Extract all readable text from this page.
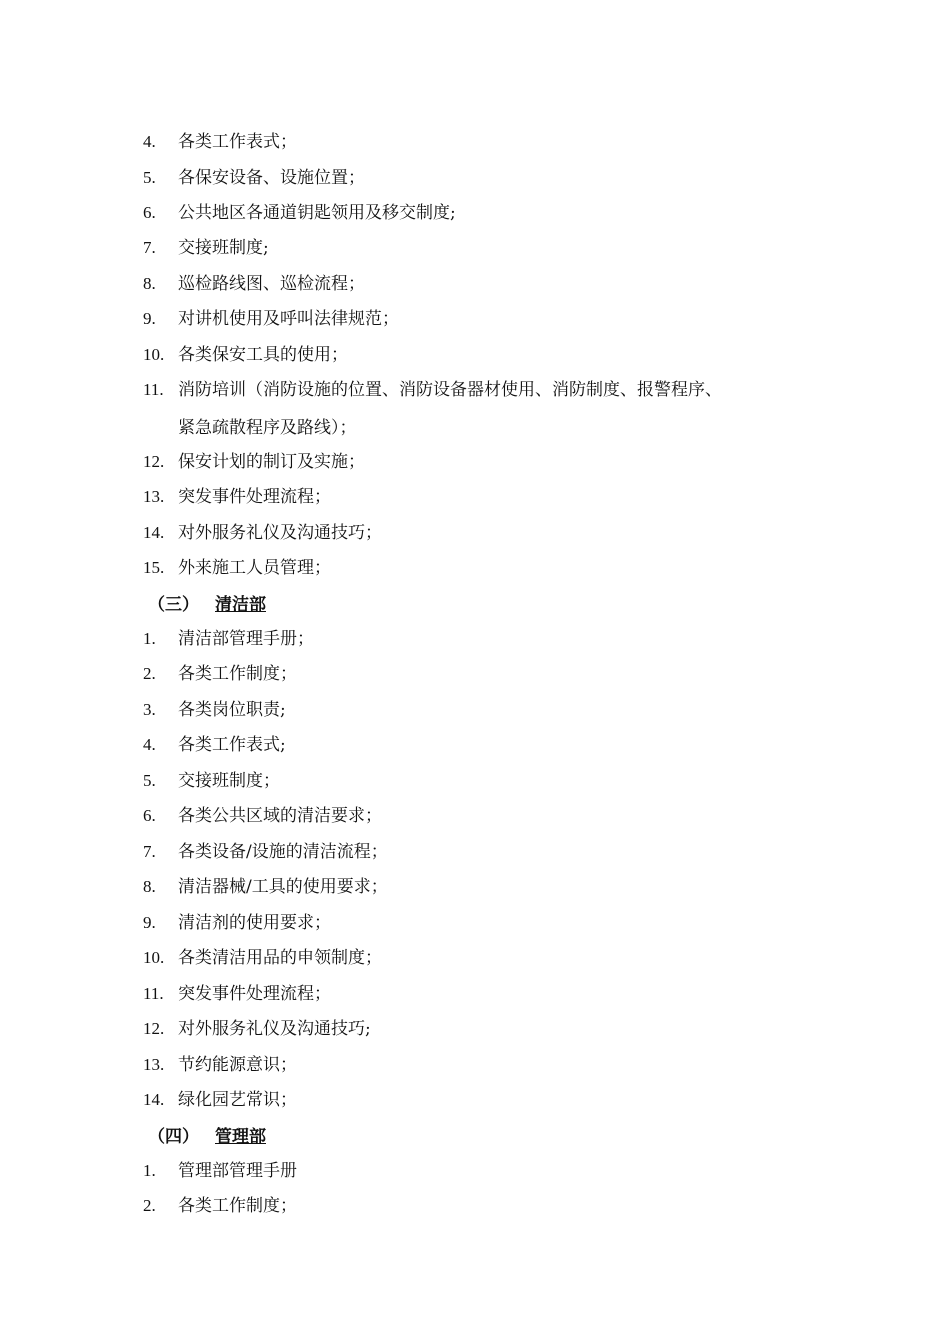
4. 各类工作表式；
5. 各保安设备、设施位置；
6. 公共地区各通道钥匙领用及移交制度;
7. 交接班制度;
8. 巡检路线图、巡检流程；
9. 对讲机使用及呼叫法律规范；
10. 各类保安工具的使用；
11. 消防培训（消防设施的位置、消防设备器材使用、消防制度、报警程序、
紧急疏散程序及路线）；
12. 保安计划的制订及实施；
13. 突发事件处理流程；
14. 对外服务礼仪及沟通技巧；
15. 外来施工人员管理；
（三） 清洁部
1. 清洁部管理手册；
2. 各类工作制度；
3. 各类岗位职责;
4. 各类工作表式;
5. 交接班制度；
6. 各类公共区域的清洁要求；
7. 各类设备/设施的清洁流程；
8. 清洁器械/工具的使用要求；
9. 清洁剂的使用要求；
10. 各类清洁用品的申领制度；
11. 突发事件处理流程；
12. 对外服务礼仪及沟通技巧;
13. 节约能源意识；
14. 绿化园艺常识；
（四） 管理部
1. 管理部管理手册
2. 各类工作制度；
